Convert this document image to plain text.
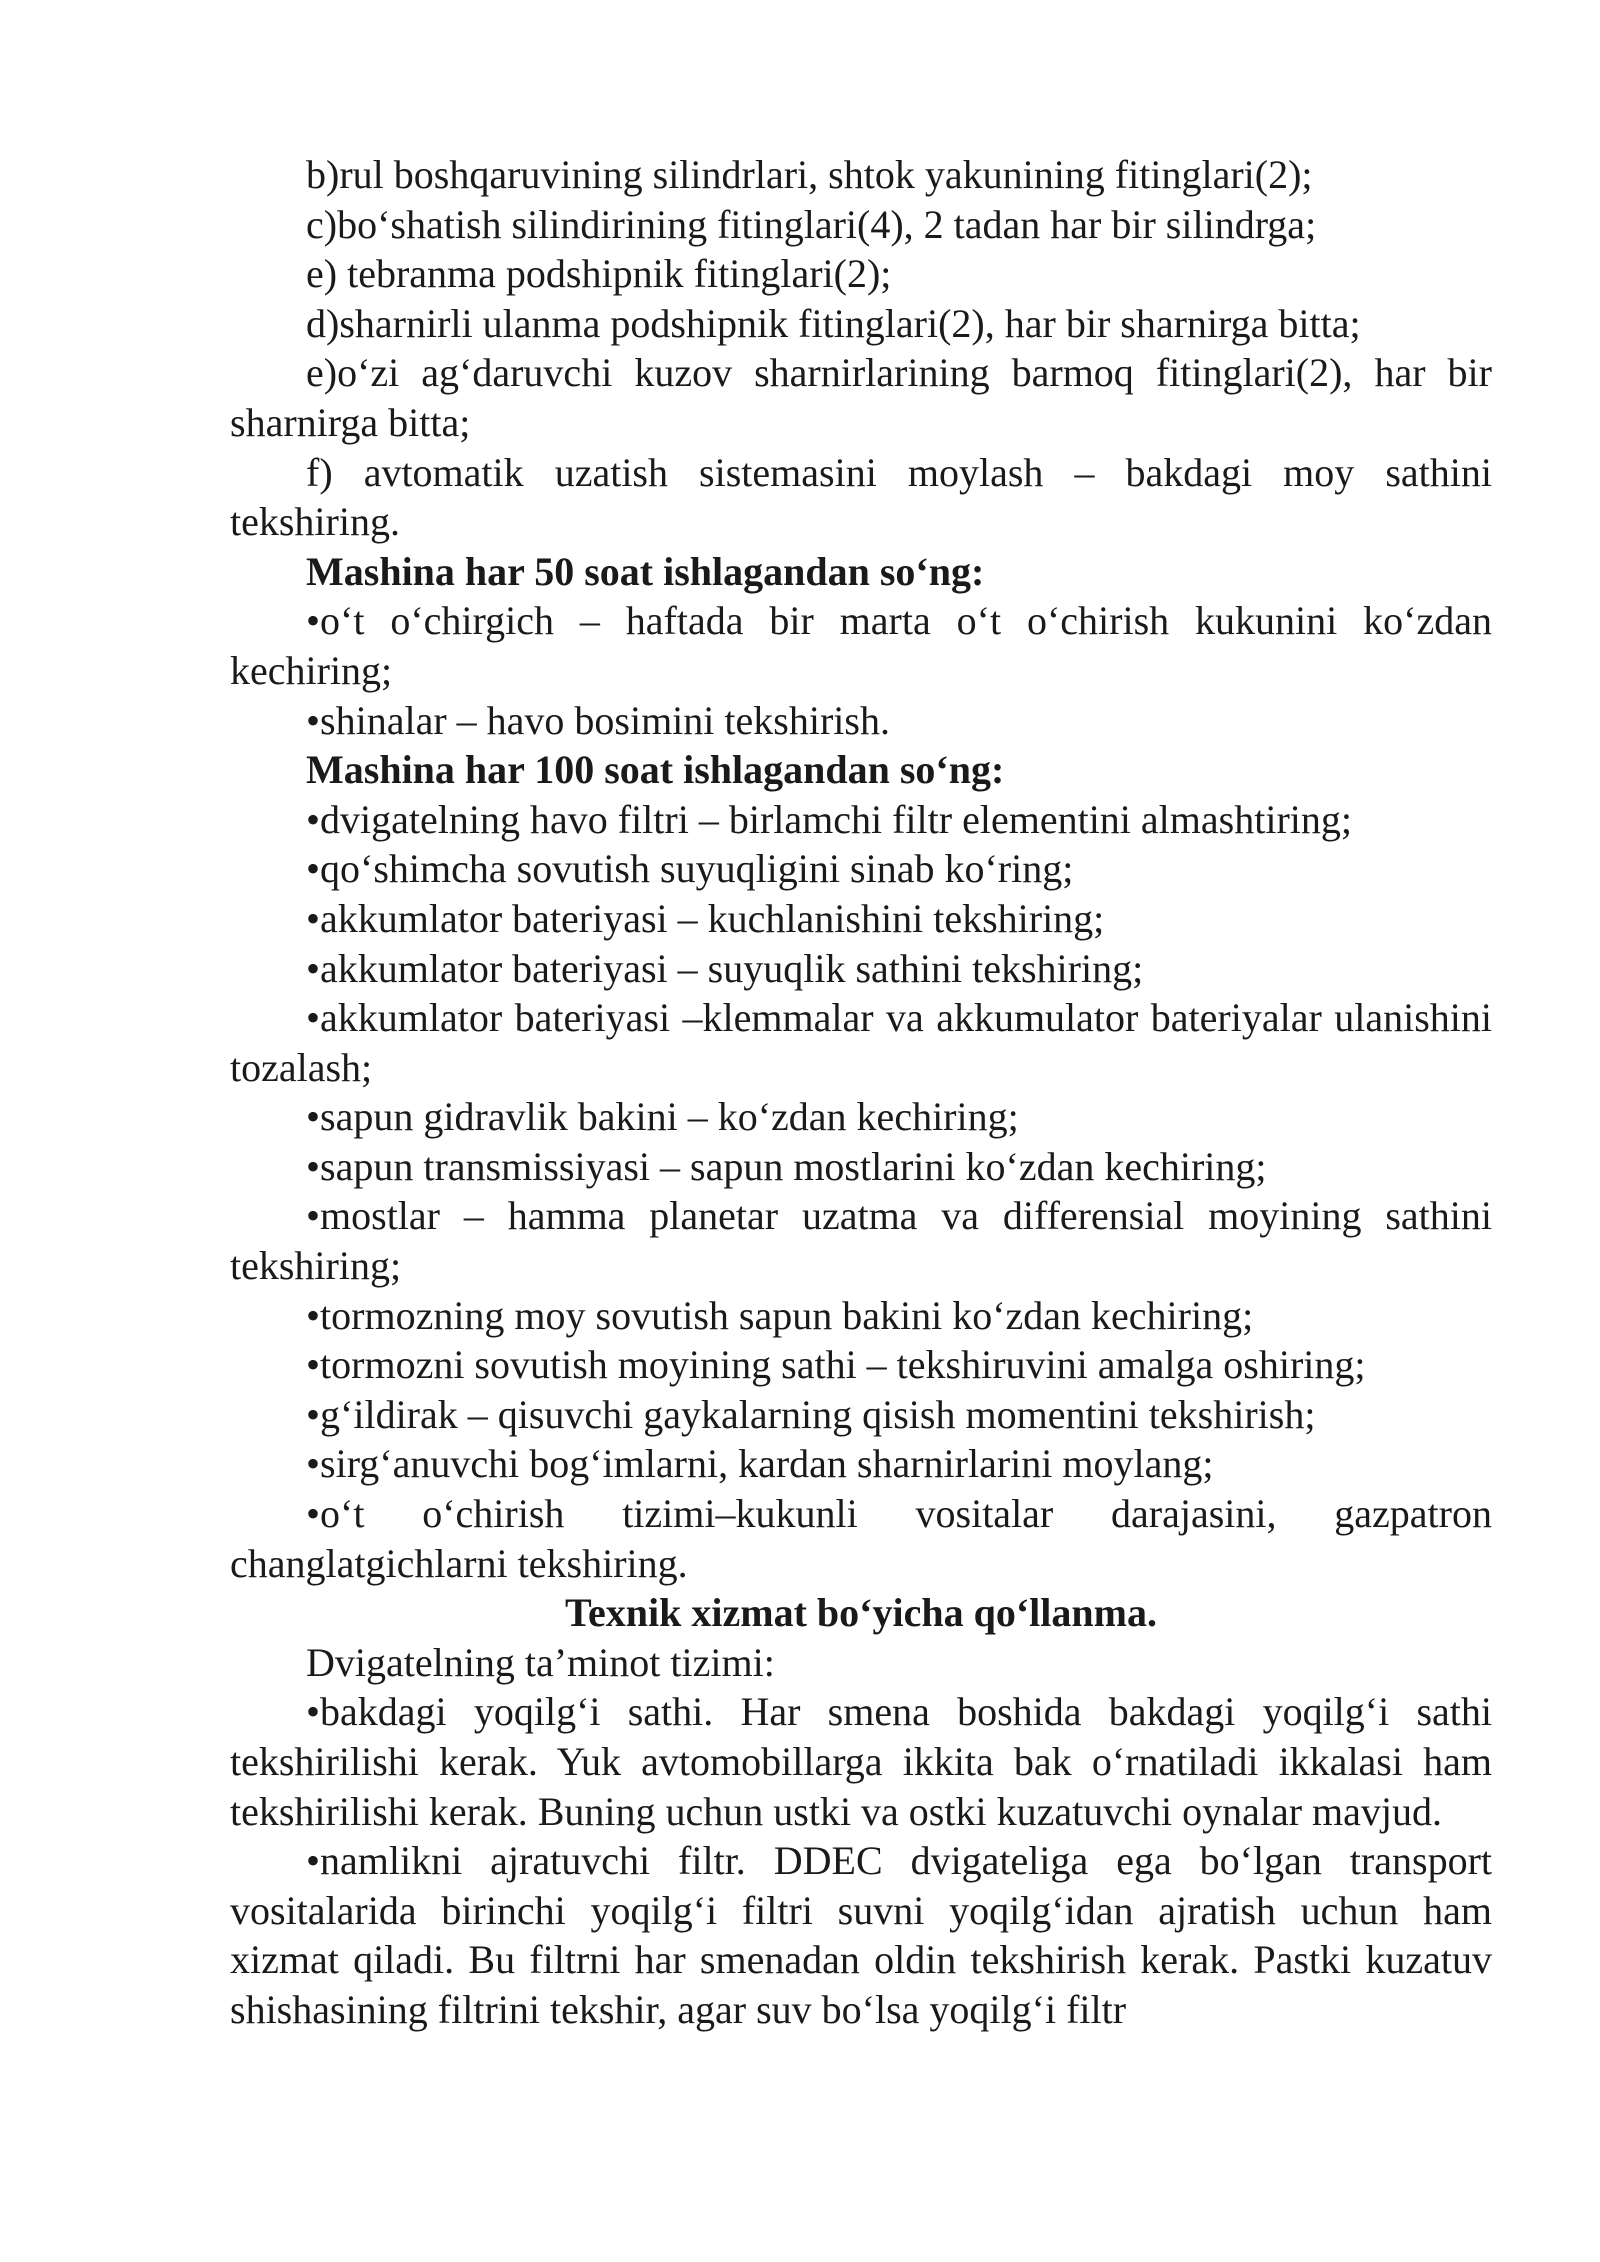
b)rul boshqaruvining silindrlari, shtok yakunining fitinglari(2);

c)bo‘shatish silindirining fitinglari(4), 2 tadan har bir silindrga;

e) tebranma podshipnik fitinglari(2);

d)sharnirli ulanma podshipnik fitinglari(2), har bir sharnirga bitta;

e)o‘zi ag‘daruvchi kuzov sharnirlarining barmoq fitinglari(2), har bir sharnirga bitta;

f) avtomatik uzatish sistemasini moylash – bakdagi moy sathini tekshiring.

Mashina har 50 soat ishlagandan so‘ng:

• o‘t o‘chirgich – haftada bir marta o‘t o‘chirish kukunini ko‘zdan kechiring;

• shinalar – havo bosimini tekshirish.

Mashina har 100 soat ishlagandan so‘ng:

• dvigatelning havo filtri – birlamchi filtr elementini almashtiring;

• qo‘shimcha sovutish suyuqligini sinab ko‘ring;

• akkumlator bateriyasi – kuchlanishini tekshiring;

• akkumlator bateriyasi – suyuqlik sathini tekshiring;

• akkumlator bateriyasi –klemmalar va akkumulator bateriyalar ulanishini tozalash;

• sapun gidravlik bakini – ko‘zdan kechiring;

• sapun transmissiyasi – sapun mostlarini ko‘zdan kechiring;

• mostlar – hamma planetar uzatma va differensial moyining sathini tekshiring;

• tormozning moy sovutish sapun bakini ko‘zdan kechiring;

• tormozni sovutish moyining sathi – tekshiruvini amalga oshiring;

• g‘ildirak – qisuvchi gaykalarning qisish momentini tekshirish;

• sirg‘anuvchi bog‘imlarni, kardan sharnirlarini moylang;

• o‘t o‘chirish tizimi–kukunli vositalar darajasini, gazpatron changlatgichlarni tekshiring.

Texnik xizmat bo‘yicha qo‘llanma.

Dvigatelning ta’minot tizimi:

• bakdagi yoqilg‘i sathi. Har smena boshida bakdagi yoqilg‘i sathi tekshirilishi kerak. Yuk avtomobillarga ikkita bak o‘rnatiladi ikkalasi ham tekshirilishi kerak. Buning uchun ustki va ostki kuzatuvchi oynalar mavjud.

• namlikni ajratuvchi filtr. DDEC dvigateliga ega bo‘lgan transport vositalarida birinchi yoqilg‘i filtri suvni yoqilg‘idan ajratish uchun ham xizmat qiladi. Bu filtrni har smenadan oldin tekshirish kerak. Pastki kuzatuv shishasining filtrini tekshir, agar suv bo‘lsa yoqilg‘i filtr
